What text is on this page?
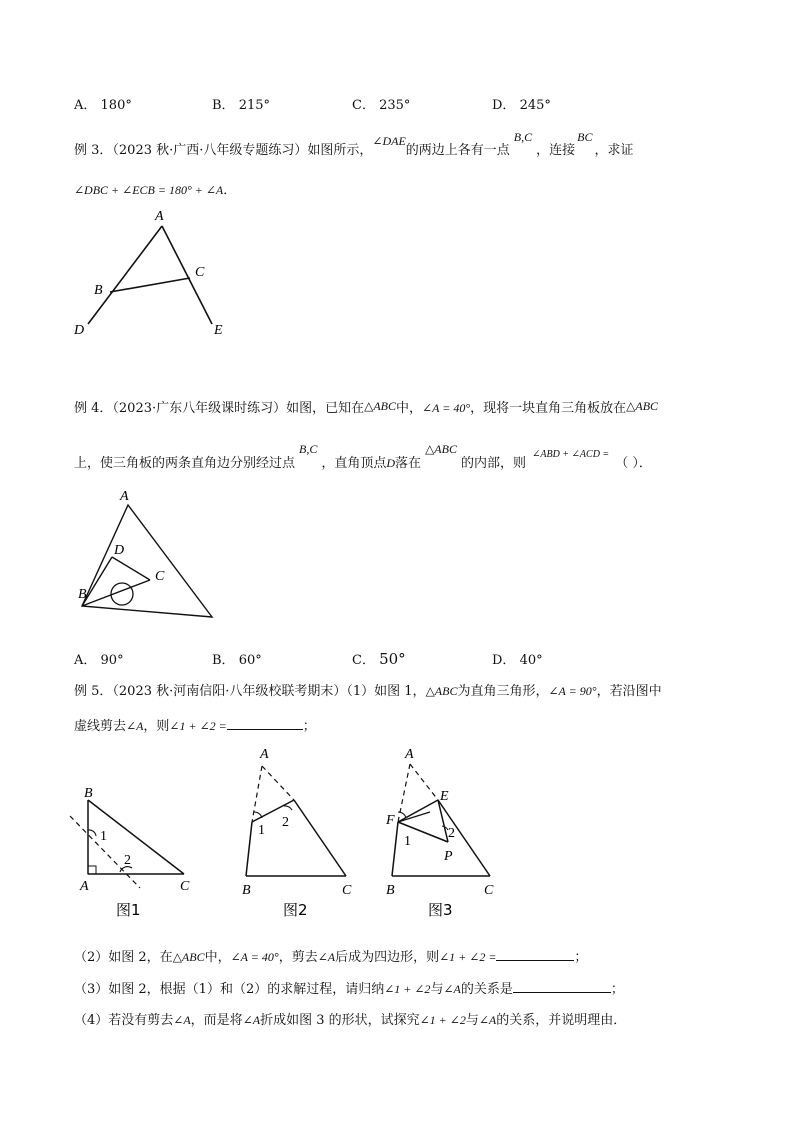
A． 180°	B． 215°	C． 235°	D． 245°
例 3．（2023 秋·广西·八年级专题练习）如图所示，∠DAE的两边上各有一点B,C，连接BC，求证
∠DBC + ∠ECB = 180° + ∠A．
A
B
C
D	E
例 4．（2023·广东八年级课时练习）如图，已知在△ABC中，∠A = 40°，现将一块直角三角板放在△ABC
上，使三角板的两条直角边分别经过点B,C，直角顶点D落在△ABC的内部，则$^{\angle ABD + \angle ACD =}$（ ）．
A
D
C
B
A． 90°	B． 60°	C． 50°	D． 40°
例 5．（2023 秋·河南信阳·八年级校联考期末）（1）如图 1，△ABC为直角三角形，∠A = 90°，若沿图中
虚线剪去∠A，则∠1 + ∠2 =	；
B
A	C
1
2
图1
A
1
2
B	C
图2
A
E
F
1
2
P
B	C
图3
（2）如图 2，在△ABC中，∠A = 40°，剪去∠A后成为四边形，则∠1 + ∠2 =	；
（3）如图 2，根据（1）和（2）的求解过程，请归纳∠1 + ∠2与∠A的关系是	；
（4）若没有剪去∠A，而是将∠A折成如图 3 的形状，试探究∠1 + ∠2与∠A的关系，并说明理由．
